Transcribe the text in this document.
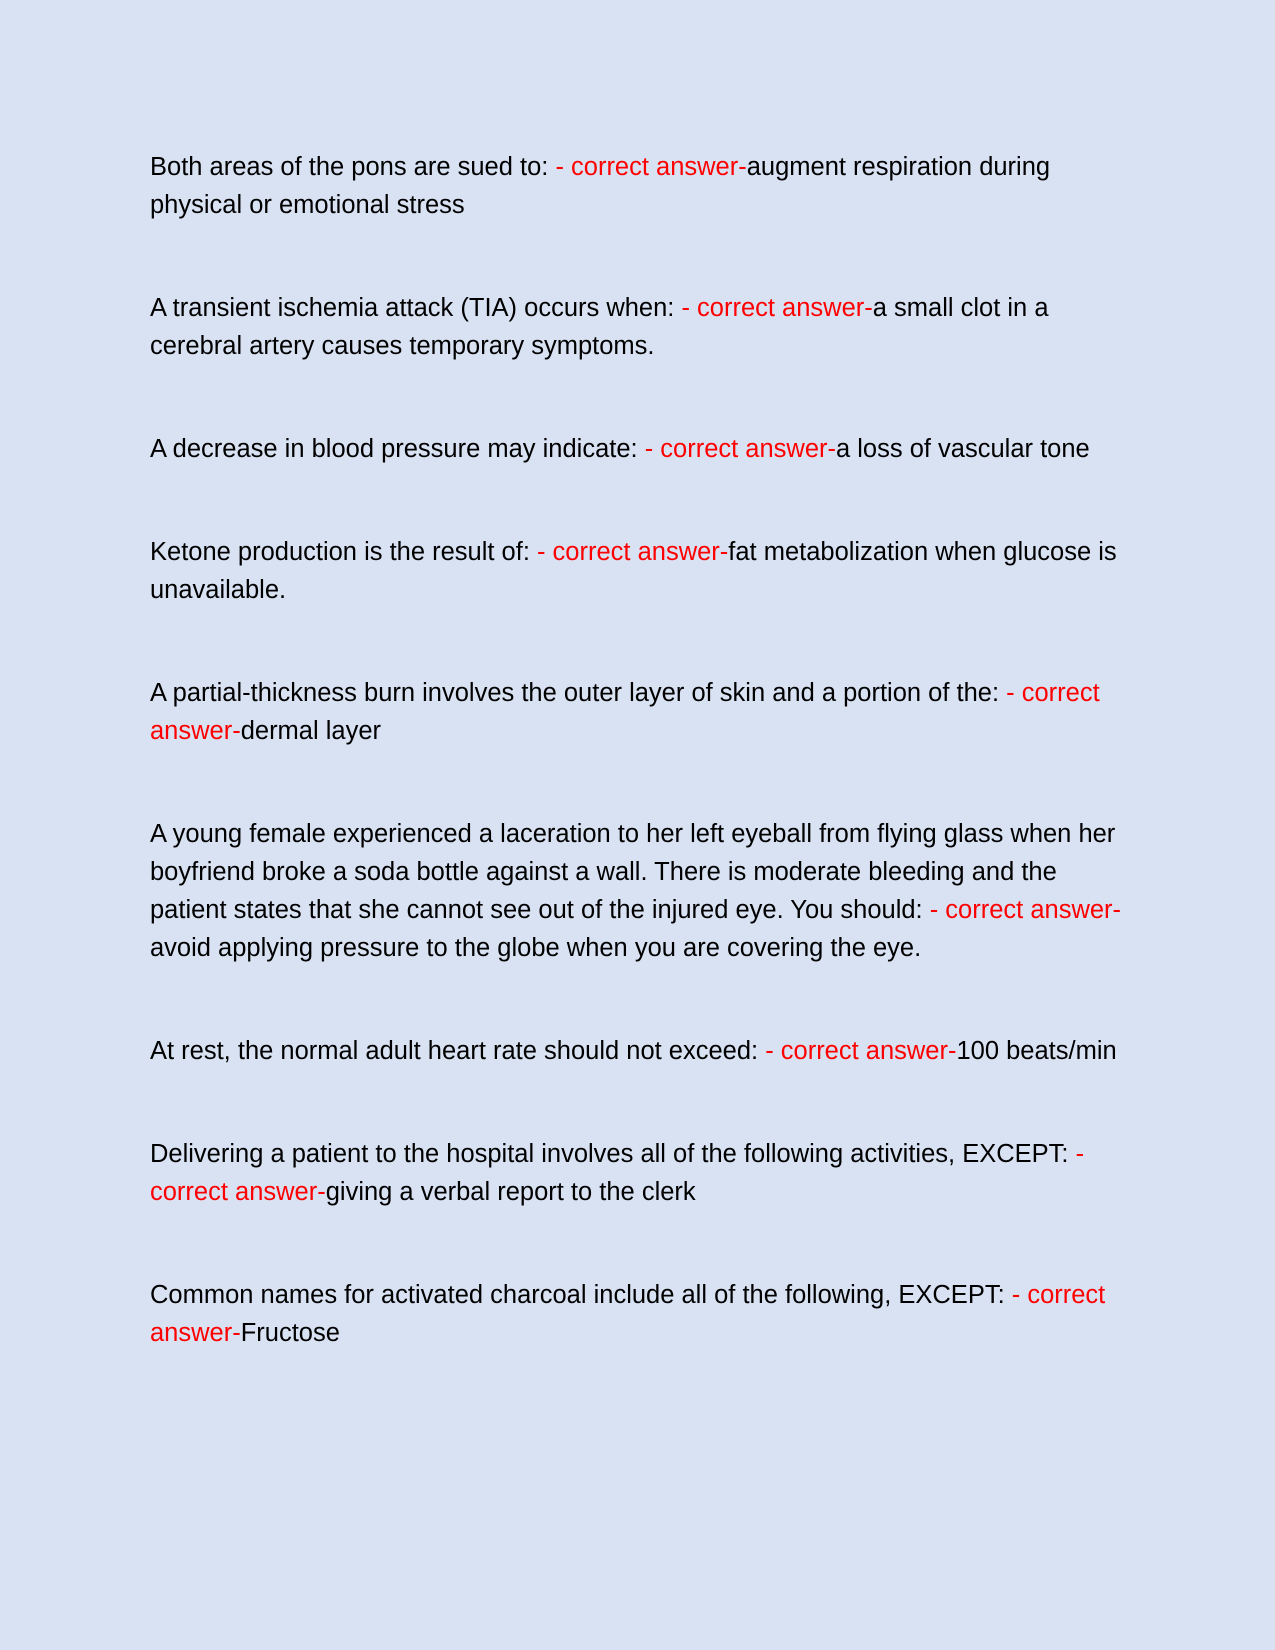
Both areas of the pons are sued to: - correct answer-augment respiration during physical or emotional stress

A transient ischemia attack (TIA) occurs when: - correct answer-a small clot in a cerebral artery causes temporary symptoms.

A decrease in blood pressure may indicate: - correct answer-a loss of vascular tone

Ketone production is the result of: - correct answer-fat metabolization when glucose is unavailable.

A partial-thickness burn involves the outer layer of skin and a portion of the: - correct answer-dermal layer

A young female experienced a laceration to her left eyeball from flying glass when her boyfriend broke a soda bottle against a wall. There is moderate bleeding and the patient states that she cannot see out of the injured eye. You should: - correct answer-avoid applying pressure to the globe when you are covering the eye.

At rest, the normal adult heart rate should not exceed: - correct answer-100 beats/min

Delivering a patient to the hospital involves all of the following activities, EXCEPT: - correct answer-giving a verbal report to the clerk

Common names for activated charcoal include all of the following, EXCEPT: - correct answer-Fructose
